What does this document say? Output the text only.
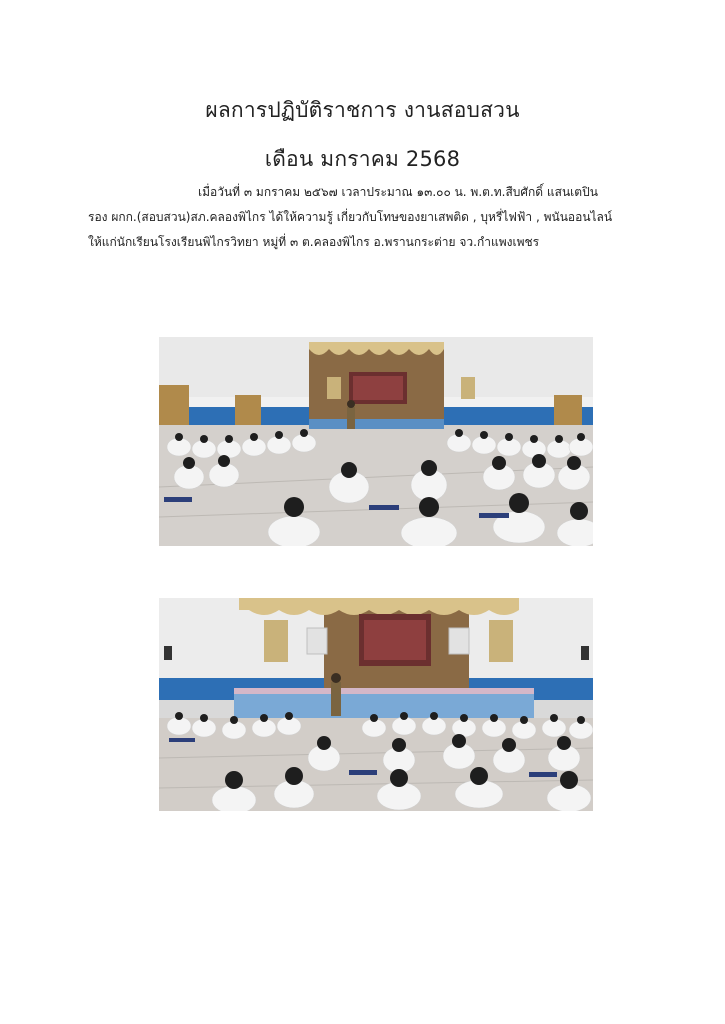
ผลการปฏิบัติราชการ งานสอบสวน
เดือน มกราคม 2568
เมื่อวันที่ ๓ มกราคม ๒๕๖๗ เวลาประมาณ ๑๓.๐๐ น. พ.ต.ท.สืบศักดิ์ แสนเตปิน
รอง ผกก.(สอบสวน)สภ.คลองพิไกร ได้ให้ความรู้ เกี่ยวกับโทษของยาเสพติด , บุหรี่ไฟฟ้า , พนันออนไลน์
ให้แก่นักเรียนโรงเรียนพิไกรวิทยา หมู่ที่ ๓ ต.คลองพิไกร อ.พรานกระต่าย จว.กำแพงเพชร
